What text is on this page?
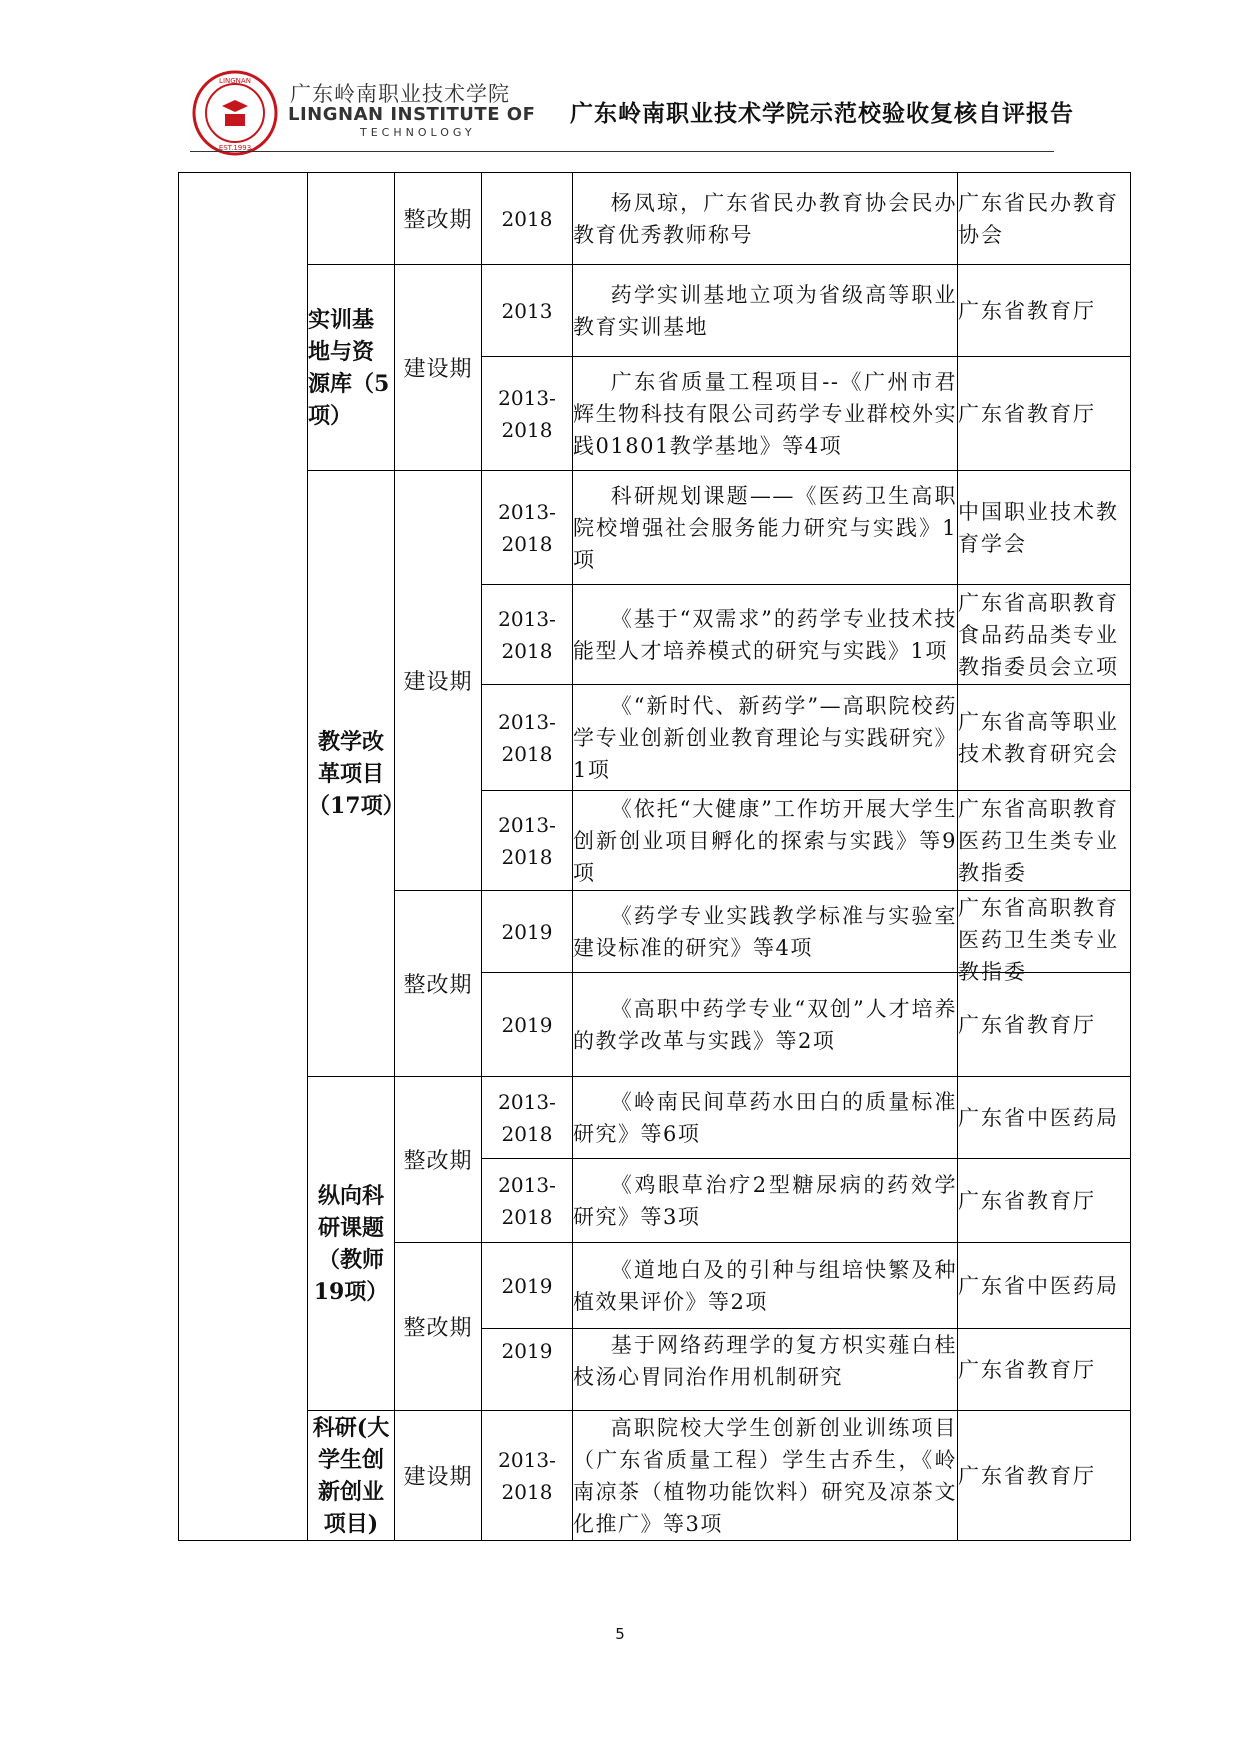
LINGNAN
EST.1993
广东岭南职业技术学院
LINGNAN INSTITUTE OF
TECHNOLOGY
广东岭南职业技术学院示范校验收复核自评报告
		整改期	2018	杨凤琼，广东省民办教育协会民办教育优秀教师称号	广东省民办教育协会
	实训基地与资源库（5项）	建设期	2013	药学实训基地立项为省级高等职业教育实训基地	广东省教育厅
			2013-2018	广东省质量工程项目--《广州市君辉生物科技有限公司药学专业群校外实践01801教学基地》等4项	广东省教育厅
	教学改革项目（17项）	建设期	2013-2018	科研规划课题——《医药卫生高职院校增强社会服务能力研究与实践》1项	中国职业技术教育学会

			2013-2018	《基于“双需求”的药学专业技术技能型人才培养模式的研究与实践》1项	广东省高职教育食品药品类专业教指委员会立项

			2013-2018	《“新时代、新药学”—高职院校药学专业创新创业教育理论与实践研究》1项	广东省高等职业技术教育研究会

			2013-2018	《依托“大健康”工作坊开展大学生创新创业项目孵化的探索与实践》等9项	广东省高职教育医药卫生类专业教指委

		整改期	2019	《药学专业实践教学标准与实验室建设标准的研究》等4项	广东省高职教育医药卫生类专业教指委

			2019	《高职中药学专业“双创”人才培养的教学改革与实践》等2项	广东省教育厅
	纵向科研课题（教师19项）	整改期	2013-2018	《岭南民间草药水田白的质量标准研究》等6项	广东省中医药局
			2013-2018	《鸡眼草治疗2型糖尿病的药效学研究》等3项	广东省教育厅
		整改期	2019	《道地白及的引种与组培快繁及种植效果评价》等2项	广东省中医药局
			2019	基于网络药理学的复方枳实薤白桂枝汤心胃同治作用机制研究	广东省教育厅
	科研(大学生创新创业项目)	建设期	2013-2018	高职院校大学生创新创业训练项目（广东省质量工程）学生古乔生，《岭南凉茶（植物功能饮料）研究及凉茶文化推广》等3项	广东省教育厅
5
